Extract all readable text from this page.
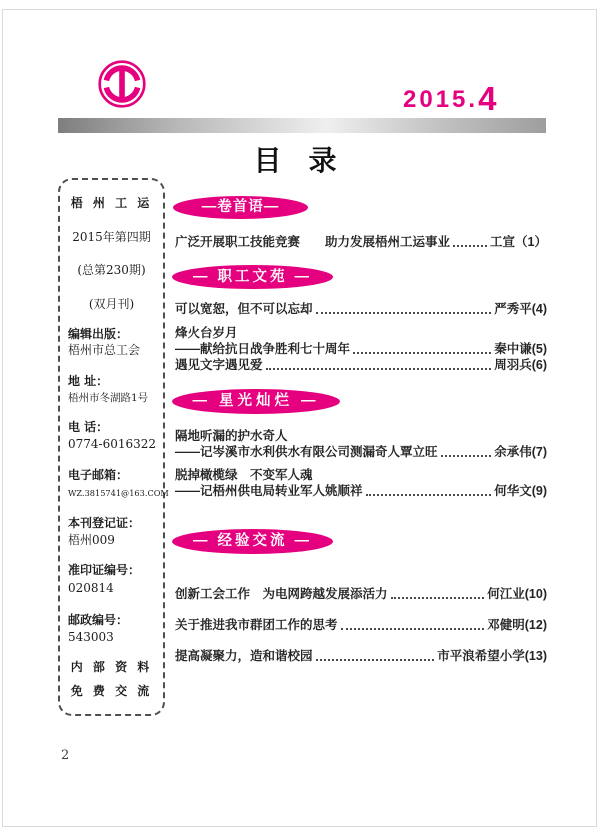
2015.4
目 录
梧 州 工 运
2015年第四期
(总第230期)
(双月刊)
编辑出版：
梧州市总工会
地 址：
梧州市冬湖路1号
电 话：
0774-6016322
电子邮箱：
WZ.3815741@163.COM
本刊登记证：
梧州009
准印证编号：
020814
邮政编号：
543003
内 部 资 料
免 费 交 流
—卷首语—
广泛开展职工技能竞赛　　助力发展梧州工运事业	工宣 （1）
— 职工文苑 —
可以宽恕，但不可以忘却	严秀平 (4)
烽火台岁月
——献给抗日战争胜利七十周年	秦中谦 (5)
遇见文字遇见爱	周羽兵 (6)
— 星光灿烂 —
隔地听漏的护水奇人
——记岑溪市水利供水有限公司测漏奇人覃立旺	余承伟 (7)
脱掉橄榄绿　不变军人魂
——记梧州供电局转业军人姚顺祥	何华文 (9)
— 经验交流 —
创新工会工作　为电网跨越发展添活力	何江业 (10)
关于推进我市群团工作的思考	邓健明 (12)
提高凝聚力，造和谐校园	市平浪希望小学 (13)
2
